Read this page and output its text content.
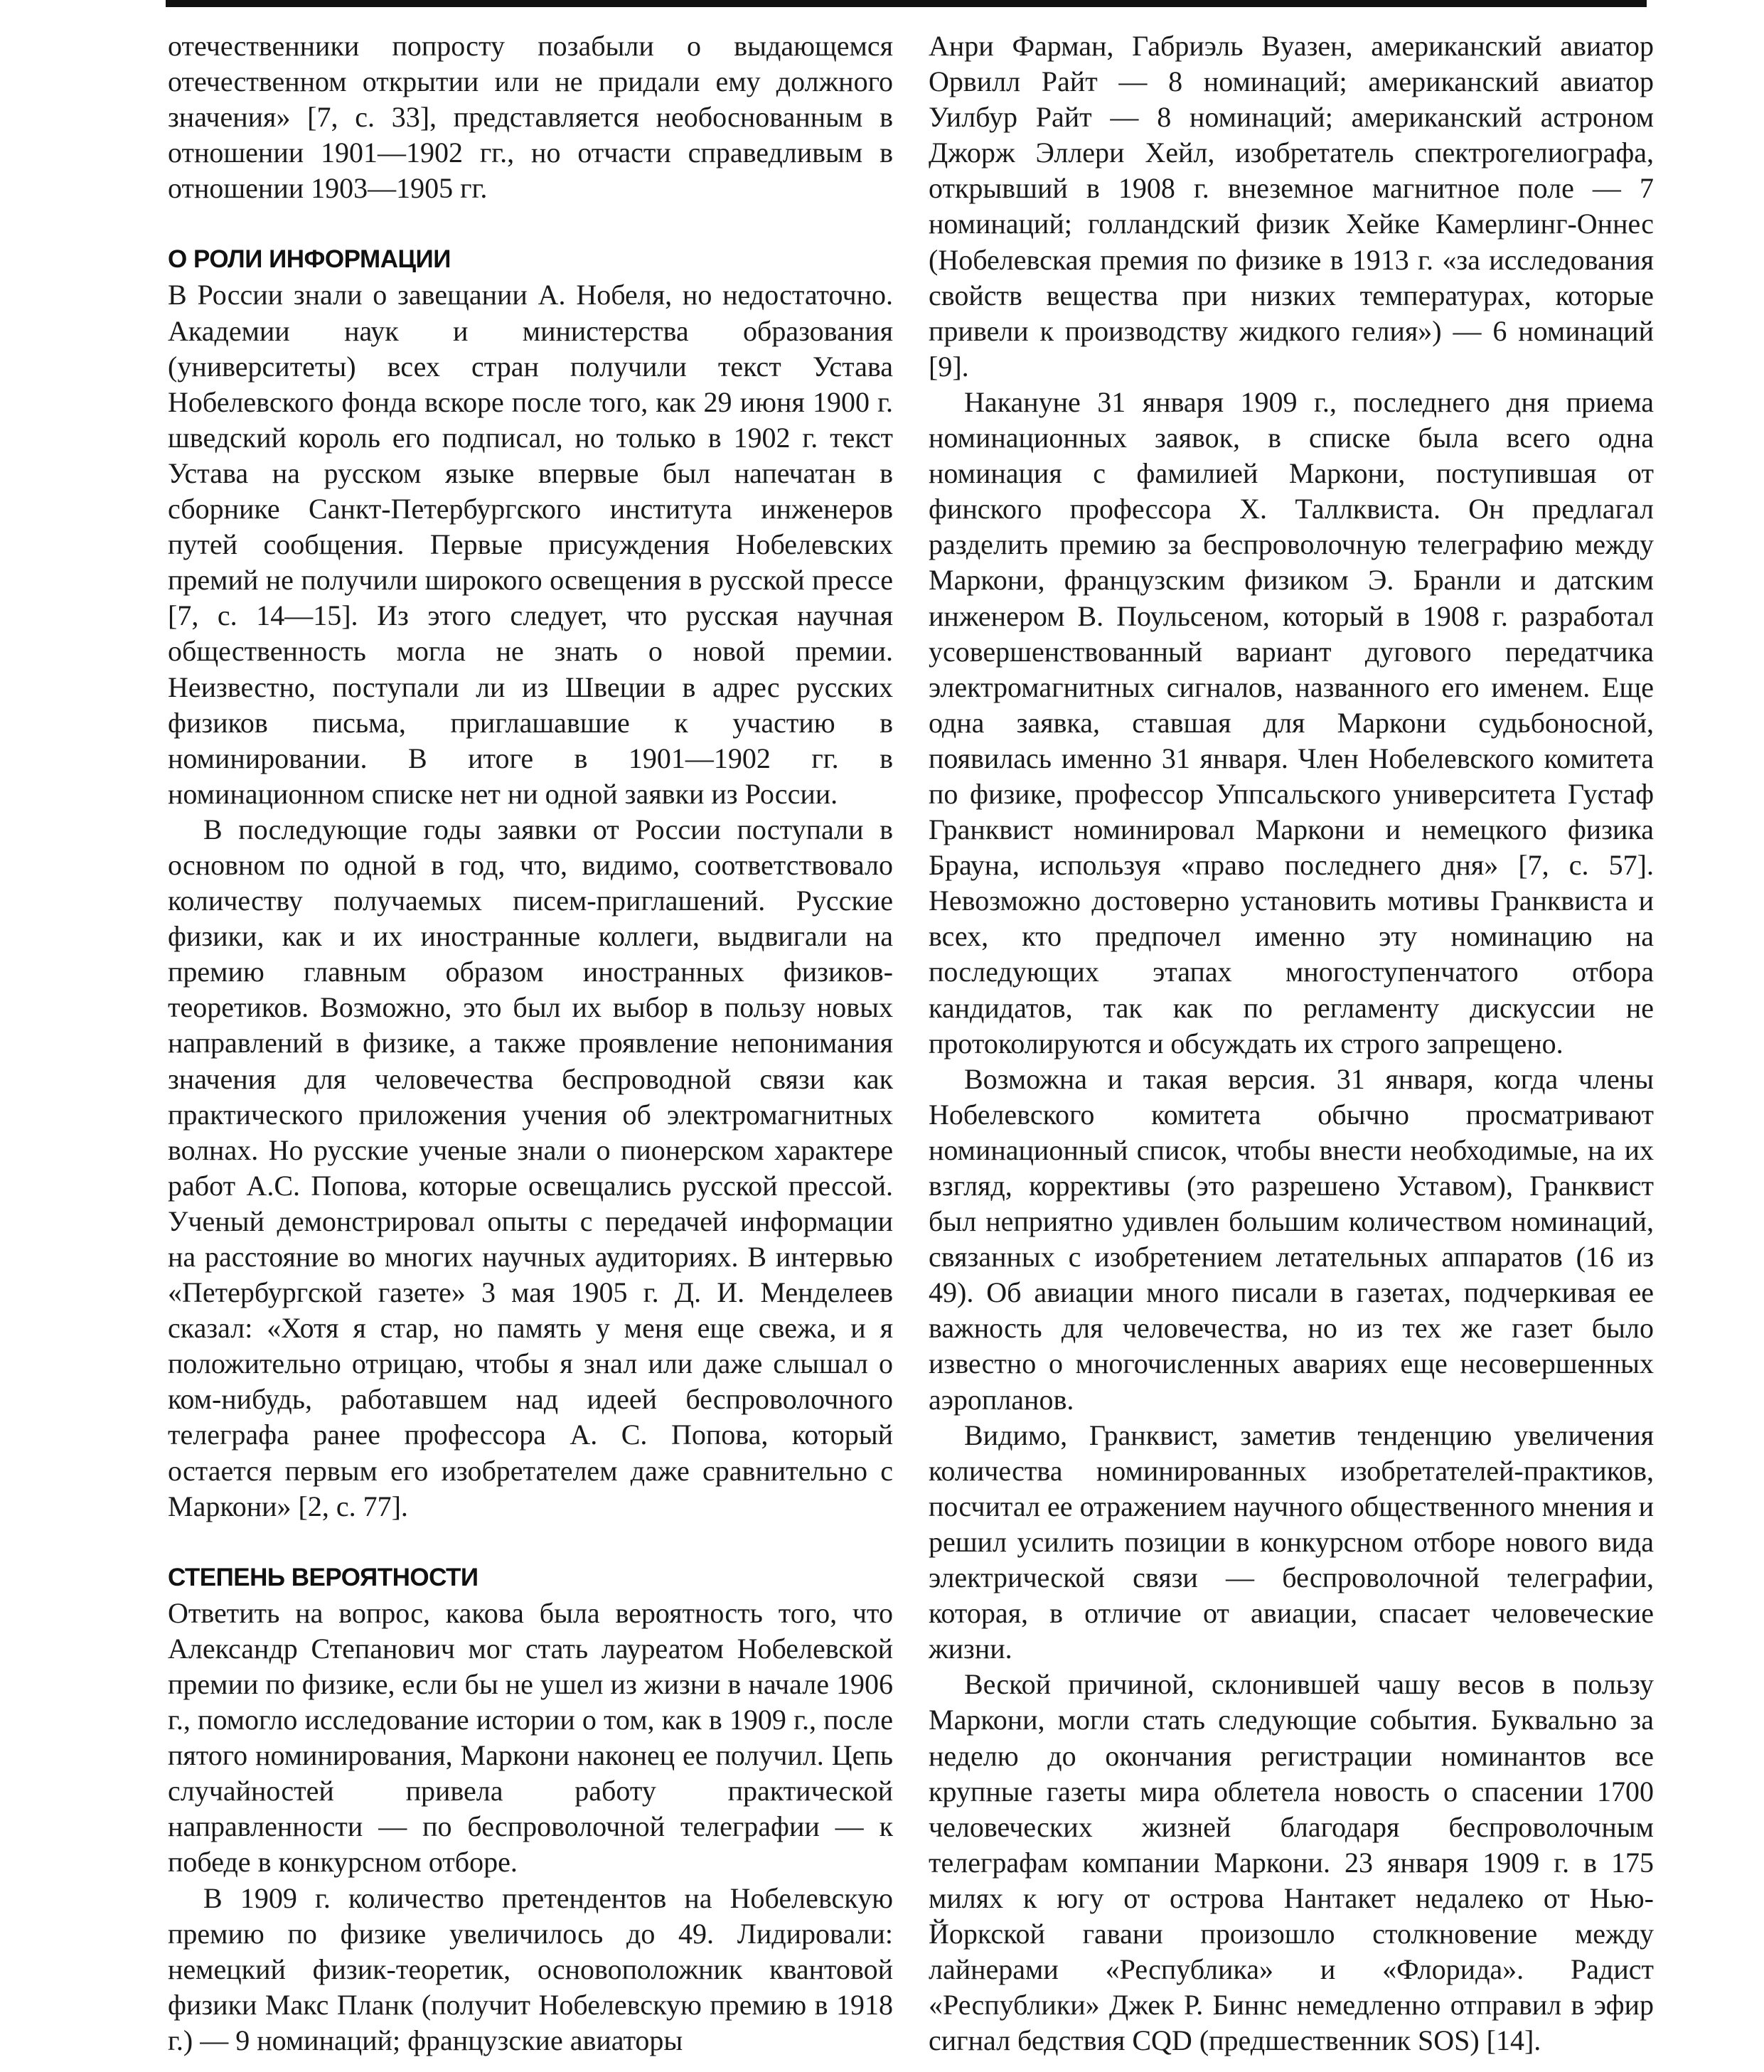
отечественники попросту позабыли о выдающемся отечественном открытии или не придали ему должного значения» [7, с. 33], представляется необоснованным в отношении 1901—1902 гг., но отчасти справедливым в отношении 1903—1905 гг.

О РОЛИ ИНФОРМАЦИИ

В России знали о завещании А. Нобеля, но недостаточно. Академии наук и министерства образования (университеты) всех стран получили текст Устава Нобелевского фонда вскоре после того, как 29 июня 1900 г. шведский король его подписал, но только в 1902 г. текст Устава на русском языке впервые был напечатан в сборнике Санкт-Петербургского института инженеров путей сообщения. Первые присуждения Нобелевских премий не получили широкого освещения в русской прессе [7, с. 14—15]. Из этого следует, что русская научная общественность могла не знать о новой премии. Неизвестно, поступали ли из Швеции в адрес русских физиков письма, приглашавшие к участию в номинировании. В итоге в 1901—1902 гг. в номинационном списке нет ни одной заявки из России.

В последующие годы заявки от России поступали в основном по одной в год, что, видимо, соответствовало количеству получаемых писем-приглашений. Русские физики, как и их иностранные коллеги, выдвигали на премию главным образом иностранных физиков-теоретиков. Возможно, это был их выбор в пользу новых направлений в физике, а также проявление непонимания значения для человечества беспроводной связи как практического приложения учения об электромагнитных волнах. Но русские ученые знали о пионерском характере работ А.С. Попова, которые освещались русской прессой. Ученый демонстрировал опыты с передачей информации на расстояние во многих научных аудиториях. В интервью «Петербургской газете» 3 мая 1905 г. Д. И. Менделеев сказал: «Хотя я стар, но память у меня еще свежа, и я положительно отрицаю, чтобы я знал или даже слышал о ком-нибудь, работавшем над идеей беспроволочного телеграфа ранее профессора А. С. Попова, который остается первым его изобретателем даже сравнительно с Маркони» [2, с. 77].

СТЕПЕНЬ ВЕРОЯТНОСТИ

Ответить на вопрос, какова была вероятность того, что Александр Степанович мог стать лауреатом Нобелевской премии по физике, если бы не ушел из жизни в начале 1906 г., помогло исследование истории о том, как в 1909 г., после пятого номинирования, Маркони наконец ее получил. Цепь случайностей привела работу практической направленности — по беспроволочной телеграфии — к победе в конкурсном отборе.

В 1909 г. количество претендентов на Нобелевскую премию по физике увеличилось до 49. Лидировали: немецкий физик-теоретик, основоположник квантовой физики Макс Планк (получит Нобелевскую премию в 1918 г.) — 9 номинаций; французские авиаторы

Анри Фарман, Габриэль Вуазен, американский авиатор Орвилл Райт — 8 номинаций; американский авиатор Уилбур Райт — 8 номинаций; американский астроном Джорж Эллери Хейл, изобретатель спектрогелиографа, открывший в 1908 г. внеземное магнитное поле — 7 номинаций; голландский физик Хейке Камерлинг-Оннес (Нобелевская премия по физике в 1913 г. «за исследования свойств вещества при низких температурах, которые привели к производству жидкого гелия») — 6 номинаций [9].

Накануне 31 января 1909 г., последнего дня приема номинационных заявок, в списке была всего одна номинация с фамилией Маркони, поступившая от финского профессора Х. Таллквиста. Он предлагал разделить премию за беспроволочную телеграфию между Маркони, французским физиком Э. Бранли и датским инженером В. Поульсеном, который в 1908 г. разработал усовершенствованный вариант дугового передатчика электромагнитных сигналов, названного его именем. Еще одна заявка, ставшая для Маркони судьбоносной, появилась именно 31 января. Член Нобелевского комитета по физике, профессор Уппсальского университета Густаф Гранквист номинировал Маркони и немецкого физика Брауна, используя «право последнего дня» [7, с. 57]. Невозможно достоверно установить мотивы Гранквиста и всех, кто предпочел именно эту номинацию на последующих этапах многоступенчатого отбора кандидатов, так как по регламенту дискуссии не протоколируются и обсуждать их строго запрещено.

Возможна и такая версия. 31 января, когда члены Нобелевского комитета обычно просматривают номинационный список, чтобы внести необходимые, на их взгляд, коррективы (это разрешено Уставом), Гранквист был неприятно удивлен большим количеством номинаций, связанных с изобретением летательных аппаратов (16 из 49). Об авиации много писали в газетах, подчеркивая ее важность для человечества, но из тех же газет было известно о многочисленных авариях еще несовершенных аэропланов.

Видимо, Гранквист, заметив тенденцию увеличения количества номинированных изобретателей-практиков, посчитал ее отражением научного общественного мнения и решил усилить позиции в конкурсном отборе нового вида электрической связи — беспроволочной телеграфии, которая, в отличие от авиации, спасает человеческие жизни.

Веской причиной, склонившей чашу весов в пользу Маркони, могли стать следующие события. Буквально за неделю до окончания регистрации номинантов все крупные газеты мира облетела новость о спасении 1700 человеческих жизней благодаря беспроволочным телеграфам компании Маркони. 23 января 1909 г. в 175 милях к югу от острова Нантакет недалеко от Нью-Йоркской гавани произошло столкновение между лайнерами «Республика» и «Флорида». Радист «Республики» Джек Р. Биннс немедленно отправил в эфир сигнал бедствия CQD (предшественник SOS) [14].
